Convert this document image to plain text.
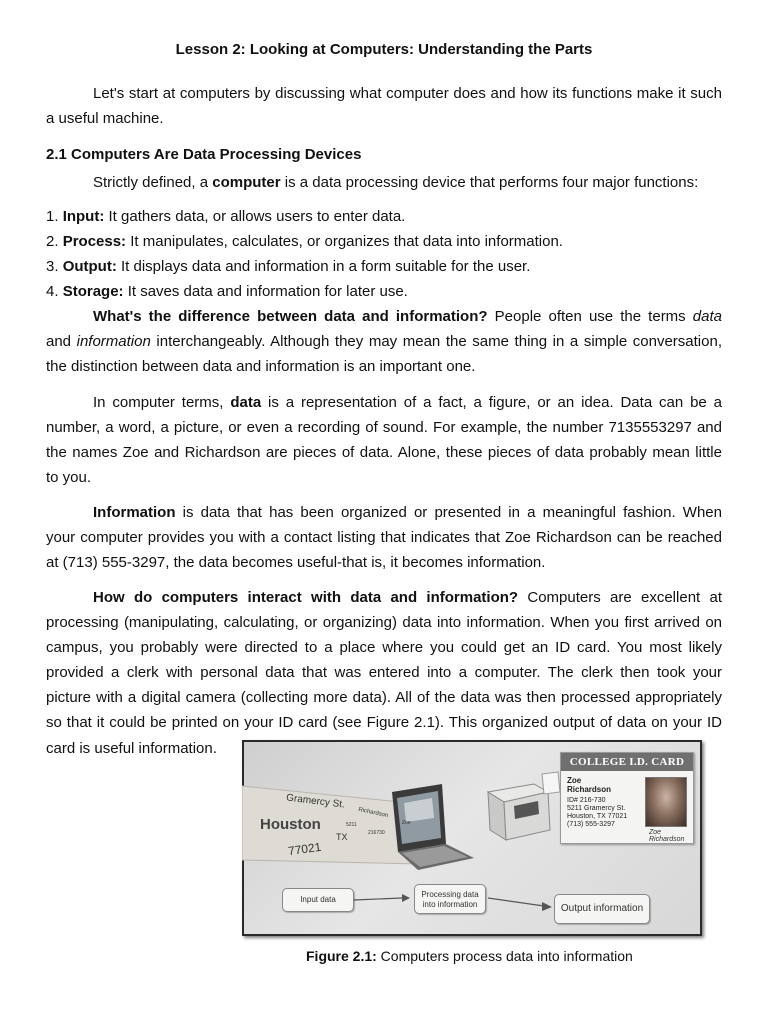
Lesson 2: Looking at Computers: Understanding the Parts
Let's start at computers by discussing what computer does and how its functions make it such
a useful machine.
2.1 Computers Are Data Processing Devices
Strictly defined, a computer is a data processing device that performs four major functions:
1. Input: It gathers data, or allows users to enter data.
2. Process: It manipulates, calculates, or organizes that data into information.
3. Output: It displays data and information in a form suitable for the user.
4. Storage: It saves data and information for later use.
What's the difference between data and information? People often use the terms data
and information interchangeably. Although they may mean the same thing in a simple conversation,
the distinction between data and information is an important one.
In computer terms, data is a representation of a fact, a figure, or an idea. Data can be a
number, a word, a picture, or even a recording of sound. For example, the number 7135553297 and
the names Zoe and Richardson are pieces of data. Alone, these pieces of data probably mean little
to you.
Information is data that has been organized or presented in a meaningful fashion. When
your computer provides you with a contact listing that indicates that Zoe Richardson can be reached
at (713) 555-3297, the data becomes useful-that is, it becomes information.
How do computers interact with data and information? Computers are excellent at
processing (manipulating, calculating, or organizing) data into information. When you first arrived on
campus, you probably were directed to a place where you could get an ID card. You most likely
provided a clerk with personal data that was entered into a computer. The clerk then took your
picture with a digital camera (collecting more data). All of the data was then processed appropriately
so that it could be printed on your ID card (see Figure 2.1). This organized output of data on your ID
card is useful information.
Gramercy St.
Houston
TX
77021
Richardson
5211	Zoe
216730
COLLEGE I.D. CARD
Zoe
Richardson
ID# 216-730
5211 Gramercy St.
Houston, TX 77021
(713) 555-3297
Zoe Richardson
Input data
Processing data
into information	Output information
Figure 2.1: Computers process data into information
